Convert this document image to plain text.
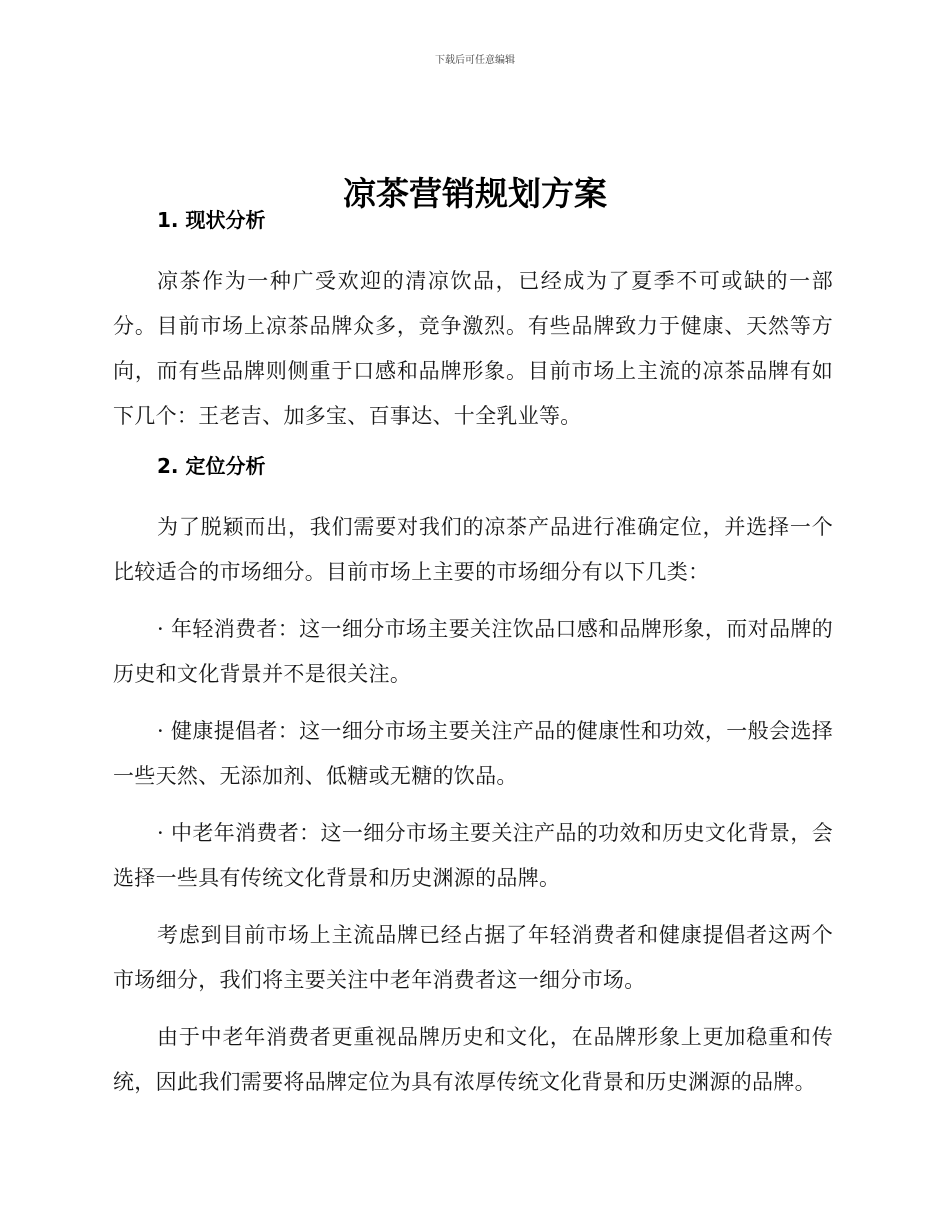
下载后可任意编辑
凉茶营销规划方案
1. 现状分析

凉茶作为一种广受欢迎的清凉饮品，已经成为了夏季不可或缺的一部分。目前市场上凉茶品牌众多，竞争激烈。有些品牌致力于健康、天然等方向，而有些品牌则侧重于口感和品牌形象。目前市场上主流的凉茶品牌有如下几个：王老吉、加多宝、百事达、十全乳业等。

2. 定位分析

为了脱颖而出，我们需要对我们的凉茶产品进行准确定位，并选择一个比较适合的市场细分。目前市场上主要的市场细分有以下几类：

· 年轻消费者：这一细分市场主要关注饮品口感和品牌形象，而对品牌的历史和文化背景并不是很关注。

· 健康提倡者：这一细分市场主要关注产品的健康性和功效，一般会选择一些天然、无添加剂、低糖或无糖的饮品。

· 中老年消费者：这一细分市场主要关注产品的功效和历史文化背景，会选择一些具有传统文化背景和历史渊源的品牌。

考虑到目前市场上主流品牌已经占据了年轻消费者和健康提倡者这两个市场细分，我们将主要关注中老年消费者这一细分市场。

由于中老年消费者更重视品牌历史和文化，在品牌形象上更加稳重和传统，因此我们需要将品牌定位为具有浓厚传统文化背景和历史渊源的品牌。
